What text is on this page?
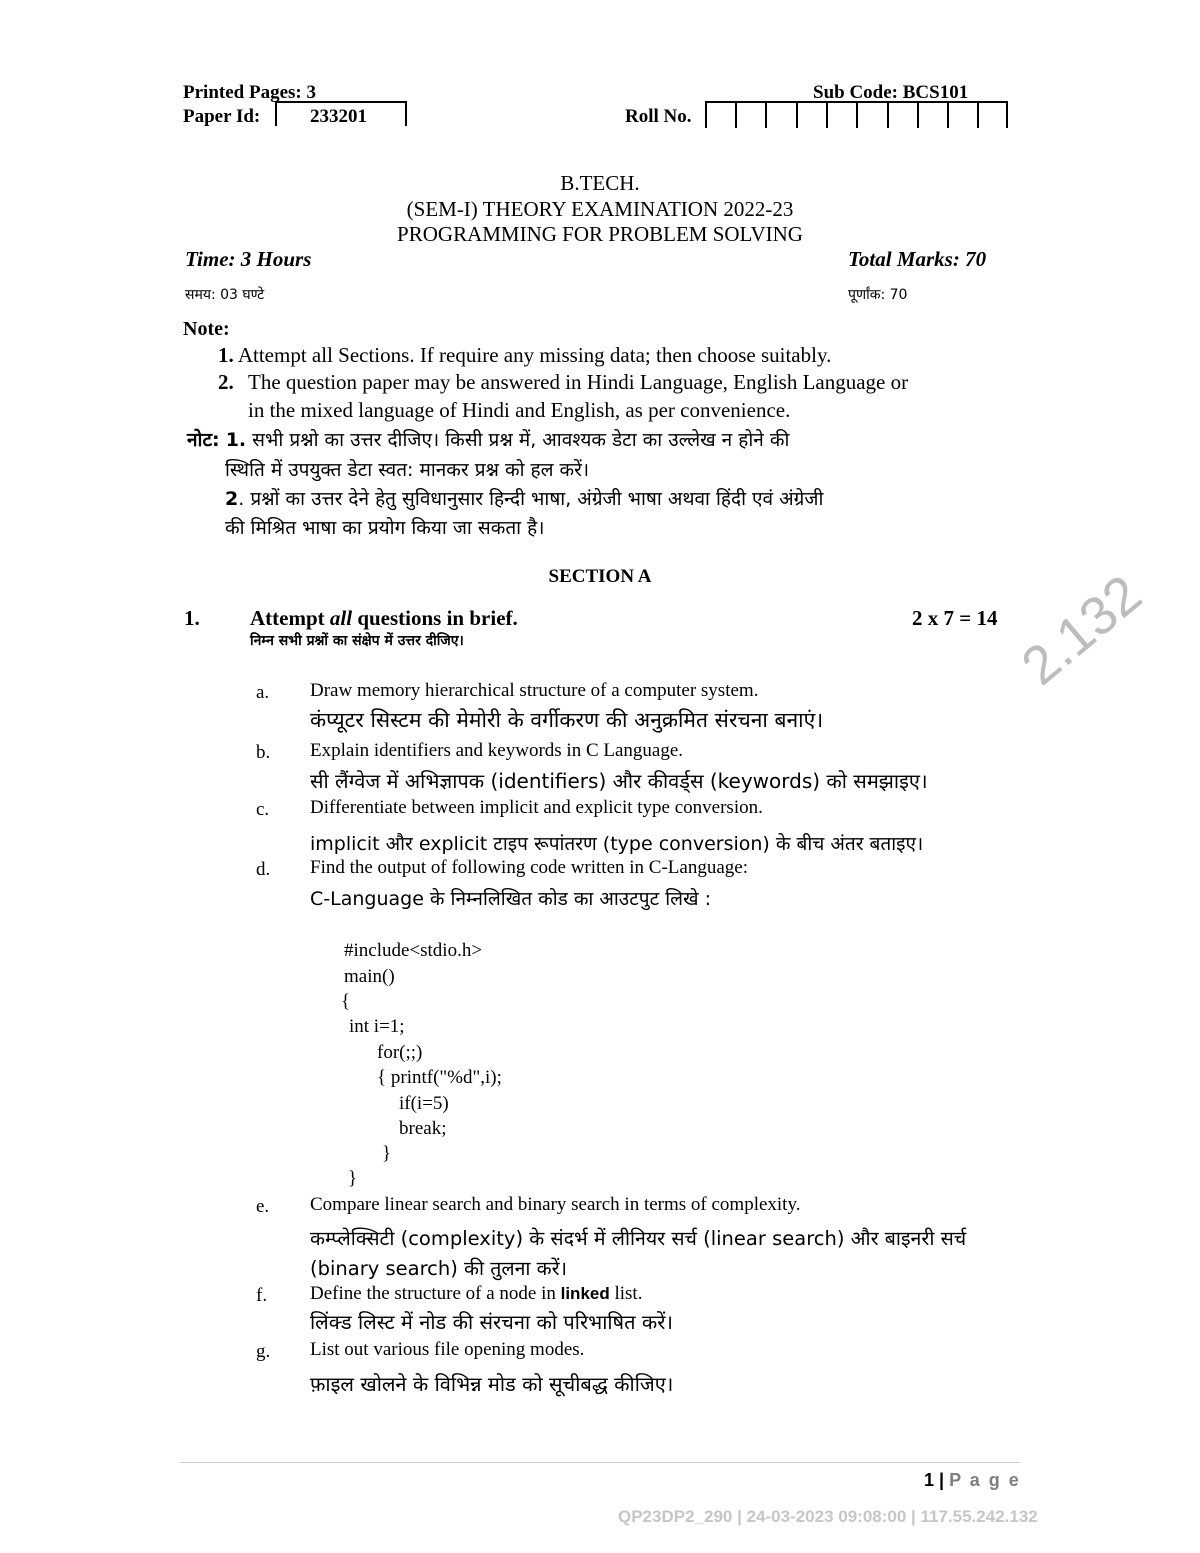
Printed Pages: 3	Sub Code: BCS101
Paper Id:	233201	Roll No.
B.TECH.
(SEM-I) THEORY EXAMINATION 2022-23
PROGRAMMING FOR PROBLEM SOLVING
Time: 3 Hours	Total Marks: 70
समय: 03 घण्टे	पूर्णांक: 70
Note:
1. Attempt all Sections. If require any missing data; then choose suitably.
2. The question paper may be answered in Hindi Language, English Language or
in the mixed language of Hindi and English, as per convenience.
नोट: 1. सभी प्रश्नो का उत्तर दीजिए। किसी प्रश्न में, आवश्यक डेटा का उल्लेख न होने की
स्थिति में उपयुक्त डेटा स्वत: मानकर प्रश्न को हल करें।
2. प्रश्नों का उत्तर देने हेतु सुविधानुसार हिन्दी भाषा, अंग्रेजी भाषा अथवा हिंदी एवं अंग्रेजी
की मिश्रित भाषा का प्रयोग किया जा सकता है।
SECTION A
1. Attempt all questions in brief.	2 x 7 = 14
निम्न सभी प्रश्नों का संक्षेप में उत्तर दीजिए।
a. Draw memory hierarchical structure of a computer system.
कंप्यूटर सिस्टम की मेमोरी के वर्गीकरण की अनुक्रमित संरचना बनाएं।
b. Explain identifiers and keywords in C Language.
सी लैंग्वेज में अभिज्ञापक (identifiers) और कीवर्ड्स (keywords) को समझाइए।
c. Differentiate between implicit and explicit type conversion.
implicit और explicit टाइप रूपांतरण (type conversion) के बीच अंतर बताइए।
d. Find the output of following code written in C-Language:
C-Language के निम्नलिखित कोड का आउटपुट लिखे :
#include<stdio.h>
main()
{
int i=1;
for(;;)
{ printf("%d",i);
if(i=5)
break;
}
}
e. Compare linear search and binary search in terms of complexity.
कम्प्लेक्सिटी (complexity) के संदर्भ में लीनियर सर्च (linear search) और बाइनरी सर्च
(binary search) की तुलना करें।
f. Define the structure of a node in linked list.
लिंक्ड लिस्ट में नोड की संरचना को परिभाषित करें।
g. List out various file opening modes.
फ़ाइल खोलने के विभिन्न मोड को सूचीबद्ध कीजिए।
2.132
1 | P a g e
QP23DP2_290 | 24-03-2023 09:08:00 | 117.55.242.132
